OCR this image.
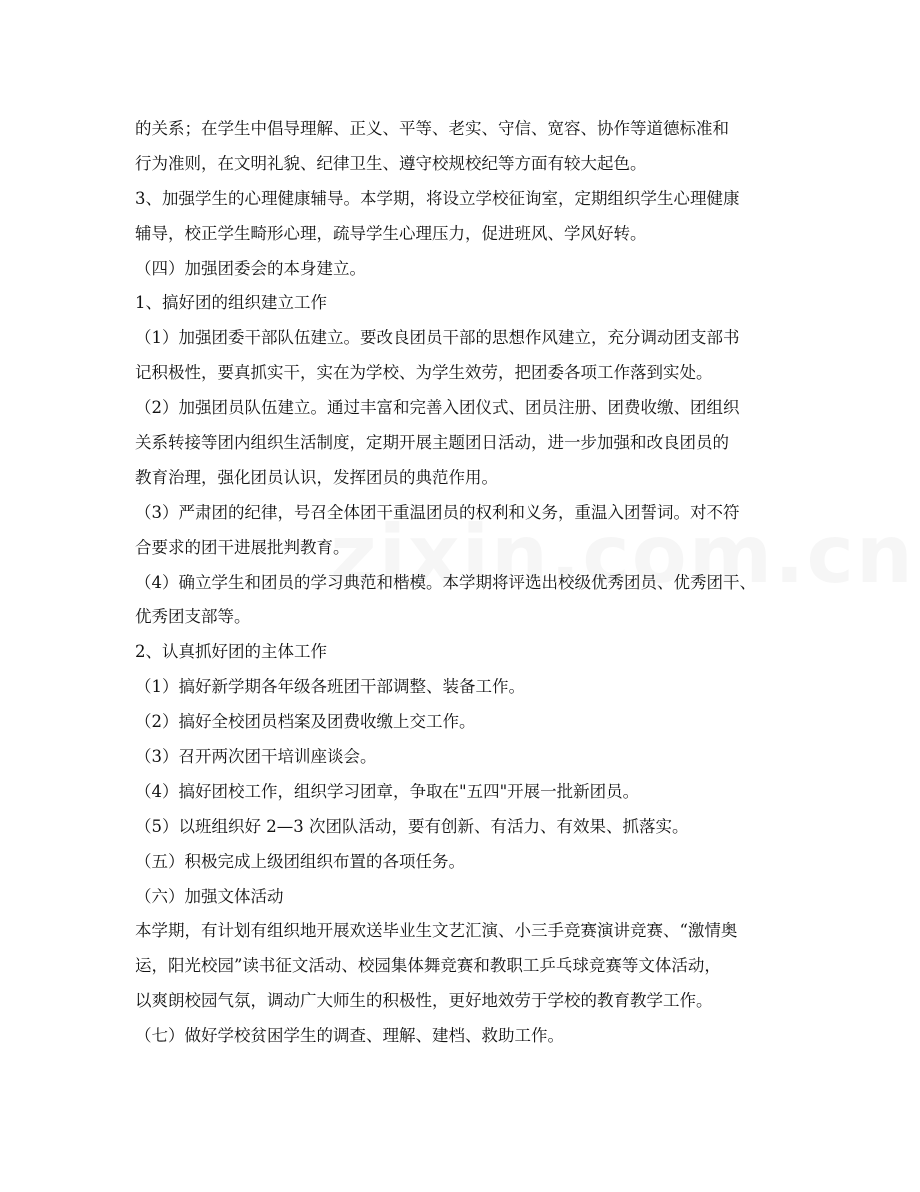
的关系；在学生中倡导理解、正义、平等、老实、守信、宽容、协作等道德标准和
行为准则，在文明礼貌、纪律卫生、遵守校规校纪等方面有较大起色。
3、加强学生的心理健康辅导。本学期，将设立学校征询室，定期组织学生心理健康
辅导，校正学生畸形心理，疏导学生心理压力，促进班风、学风好转。
（四）加强团委会的本身建立。
1、搞好团的组织建立工作
（1）加强团委干部队伍建立。要改良团员干部的思想作风建立，充分调动团支部书
记积极性，要真抓实干，实在为学校、为学生效劳，把团委各项工作落到实处。
（2）加强团员队伍建立。通过丰富和完善入团仪式、团员注册、团费收缴、团组织
关系转接等团内组织生活制度，定期开展主题团日活动，进一步加强和改良团员的
教育治理，强化团员认识，发挥团员的典范作用。
（3）严肃团的纪律，号召全体团干重温团员的权利和义务，重温入团誓词。对不符
合要求的团干进展批判教育。
（4）确立学生和团员的学习典范和楷模。本学期将评选出校级优秀团员、优秀团干、
优秀团支部等。
2、认真抓好团的主体工作
（1）搞好新学期各年级各班团干部调整、装备工作。
（2）搞好全校团员档案及团费收缴上交工作。
（3）召开两次团干培训座谈会。
（4）搞好团校工作，组织学习团章，争取在"五四"开展一批新团员。
（5）以班组织好 2—3 次团队活动，要有创新、有活力、有效果、抓落实。
（五）积极完成上级团组织布置的各项任务。
（六）加强文体活动
本学期，有计划有组织地开展欢送毕业生文艺汇演、小三手竞赛演讲竞赛、“激情奥
运，阳光校园”读书征文活动、校园集体舞竞赛和教职工乒乓球竞赛等文体活动，
以爽朗校园气氛，调动广大师生的积极性，更好地效劳于学校的教育教学工作。
（七）做好学校贫困学生的调查、理解、建档、救助工作。
